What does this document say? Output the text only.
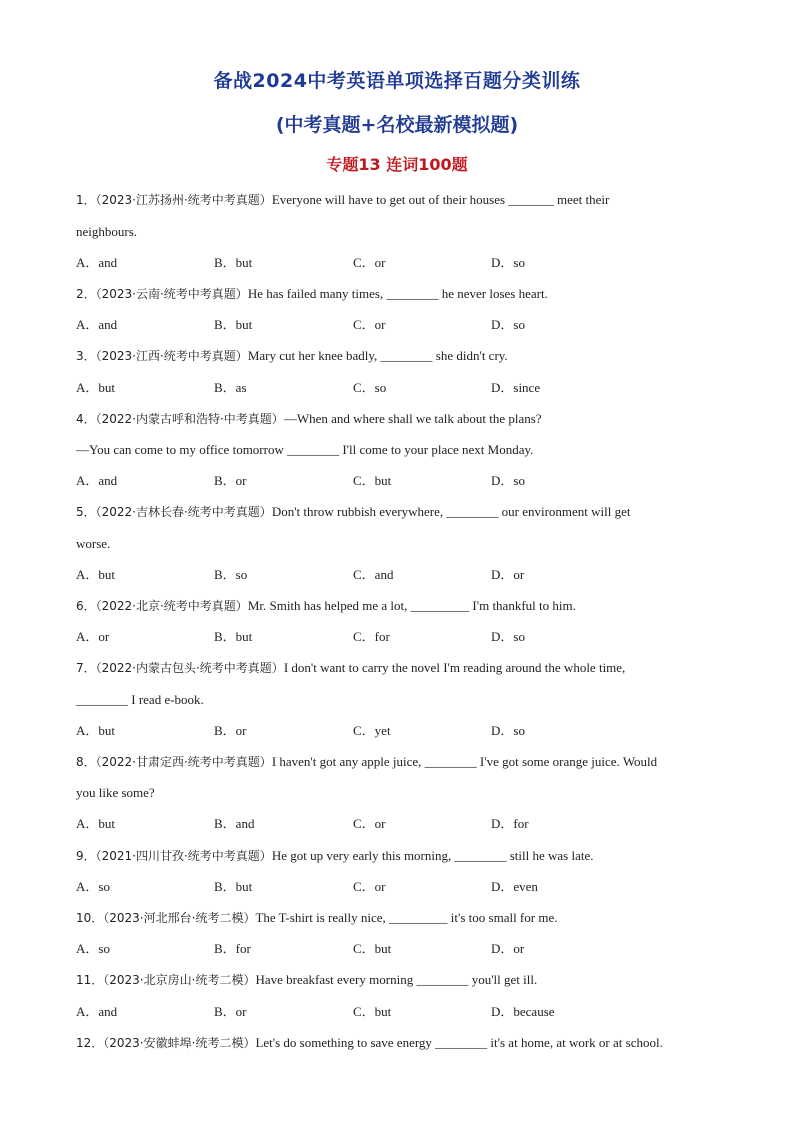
备战2024中考英语单项选择百题分类训练
(中考真题+名校最新模拟题)
专题13 连词100题
1．（2023·江苏扬州·统考中考真题）Everyone will have to get out of their houses _______ meet their
neighbours.
A．and	B．but	C．or	D．so
2．（2023·云南·统考中考真题）He has failed many times, ________ he never loses heart.
A．and	B．but	C．or	D．so
3．（2023·江西·统考中考真题）Mary cut her knee badly, ________ she didn't cry.
A．but	B．as	C．so	D．since
4．（2022·内蒙古呼和浩特·中考真题）—When and where shall we talk about the plans?
—You can come to my office tomorrow ________ I'll come to your place next Monday.
A．and	B．or	C．but	D．so
5．（2022·吉林长春·统考中考真题）Don't throw rubbish everywhere, ________ our environment will get
worse.
A．but	B．so	C．and	D．or
6．（2022·北京·统考中考真题）Mr. Smith has helped me a lot, _________ I'm thankful to him.
A．or	B．but	C．for	D．so
7．（2022·内蒙古包头·统考中考真题）I don't want to carry the novel I'm reading around the whole time,
________ I read e-book.
A．but	B．or	C．yet	D．so
8．（2022·甘肃定西·统考中考真题）I haven't got any apple juice, ________ I've got some orange juice. Would
you like some?
A．but	B．and	C．or	D．for
9．（2021·四川甘孜·统考中考真题）He got up very early this morning, ________ still he was late.
A．so	B．but	C．or	D．even
10．（2023·河北邢台·统考二模）The T-shirt is really nice, _________ it's too small for me.
A．so	B．for	C．but	D．or
11．（2023·北京房山·统考二模）Have breakfast every morning ________ you'll get ill.
A．and	B．or	C．but	D．because
12．（2023·安徽蚌埠·统考二模）Let's do something to save energy ________ it's at home, at work or at school.
